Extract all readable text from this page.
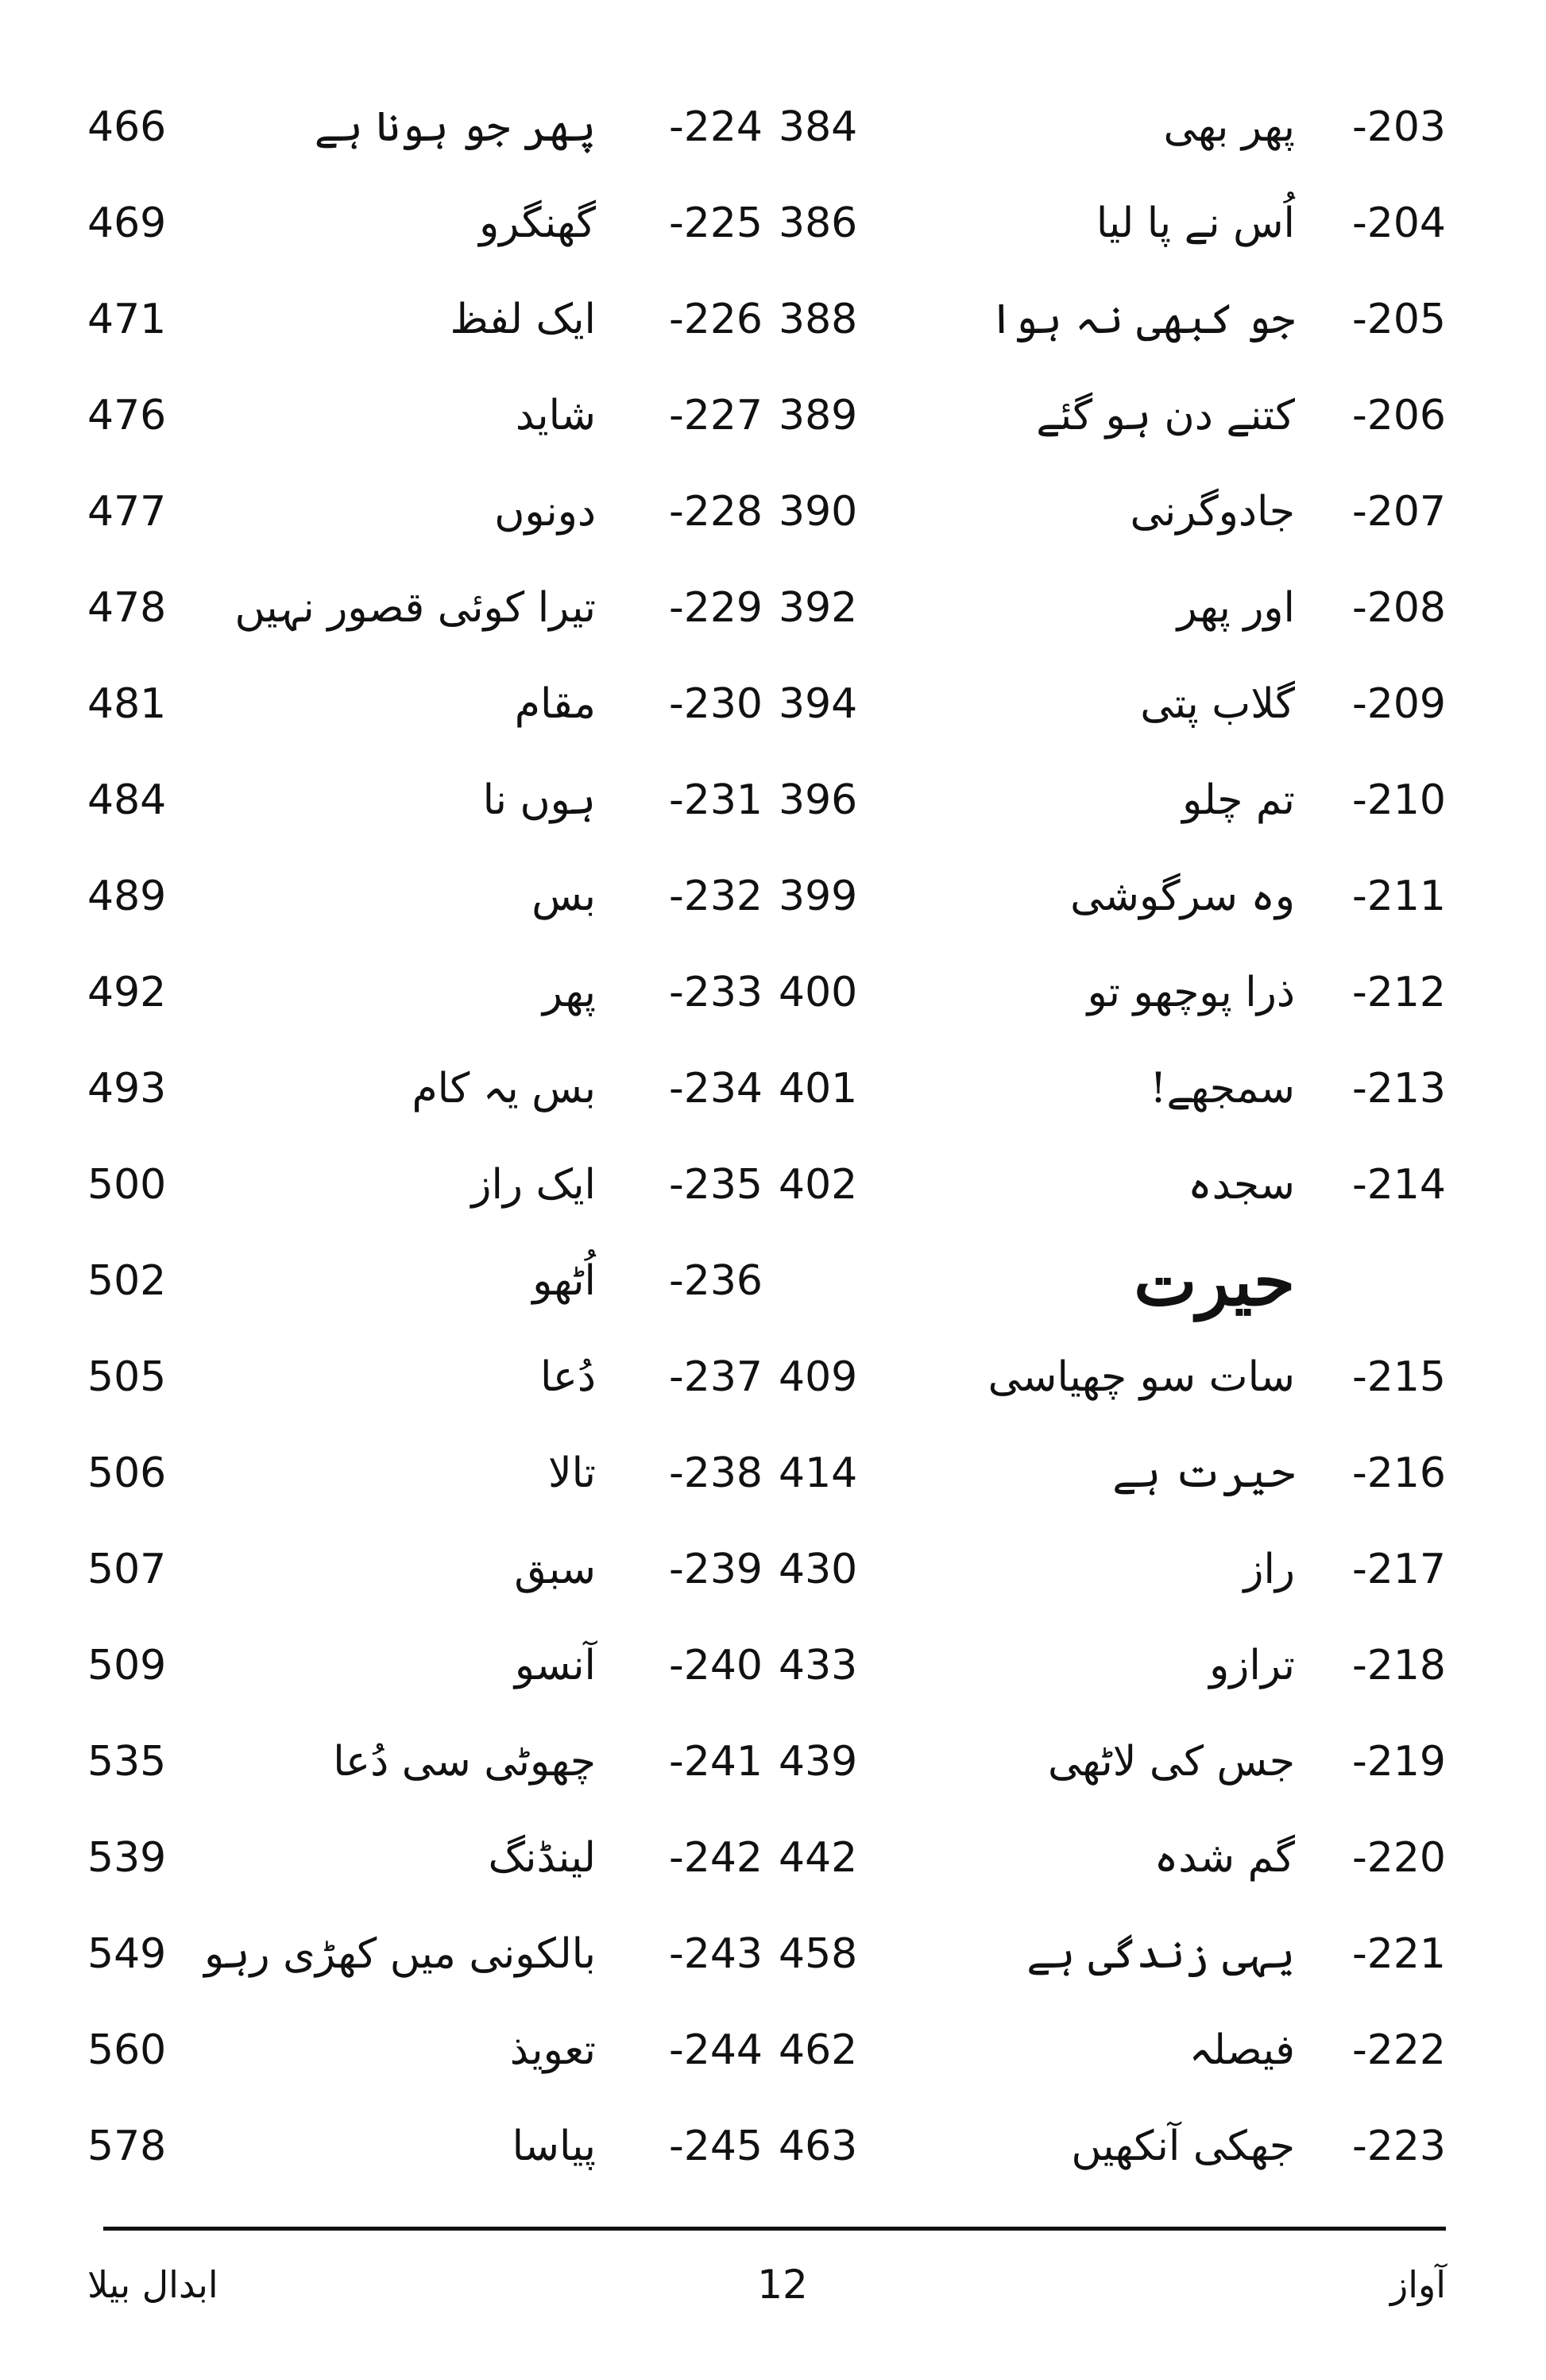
-203
پھر بھی
384
-204
اُس نے پا لیا
386
-205
جو کبھی نہ ہوا
388
-206
کتنے دن ہو گئے
389
-207
جادوگرنی
390
-208
اور پھر
392
-209
گلاب پتی
394
-210
تم چلو
396
-211
وہ سرگوشی
399
-212
ذرا پوچھو تو
400
-213
سمجھے!
401
-214
سجدہ
402
حیرت
-215
سات سو چھیاسی
409
-216
حیرت ہے
414
-217
راز
430
-218
ترازو
433
-219
جس کی لاٹھی
439
-220
گم شدہ
442
-221
یہی زندگی ہے
458
-222
فیصلہ
462
-223
جھکی آنکھیں
463
-224
پھر جو ہونا ہے
466
-225
گھنگرو
469
-226
ایک لفظ
471
-227
شاید
476
-228
دونوں
477
-229
تیرا کوئی قصور نہیں
478
-230
مقام
481
-231
ہوں نا
484
-232
بس
489
-233
پھر
492
-234
بس یہ کام
493
-235
ایک راز
500
-236
اُٹھو
502
-237
دُعا
505
-238
تالا
506
-239
سبق
507
-240
آنسو
509
-241
چھوٹی سی دُعا
535
-242
لینڈنگ
539
-243
بالکونی میں کھڑی رہو
549
-244
تعویذ
560
-245
پیاسا
578
ابدال بیلا	12	آواز
